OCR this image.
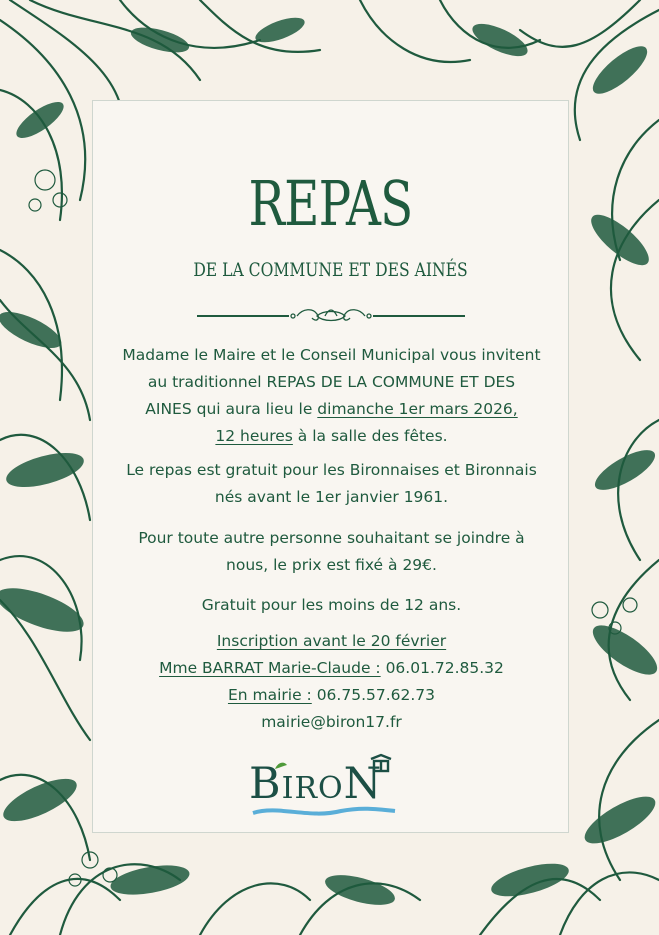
REPAS
DE LA COMMUNE ET DES AINÉS
Madame le Maire et le Conseil Municipal vous invitent
au traditionnel REPAS DE LA COMMUNE ET DES
AINES qui aura lieu le dimanche 1er mars 2026,
12 heures à la salle des fêtes.
Le repas est gratuit pour les Bironnaises et Bironnais
nés avant le 1er janvier 1961.
Pour toute autre personne souhaitant se joindre à
nous, le prix est fixé à 29€.
Gratuit pour les moins de 12 ans.
Inscription avant le 20 février
Mme BARRAT Marie-Claude : 06.01.72.85.32
En mairie : 06.75.57.62.73
mairie@biron17.fr
BIRON
